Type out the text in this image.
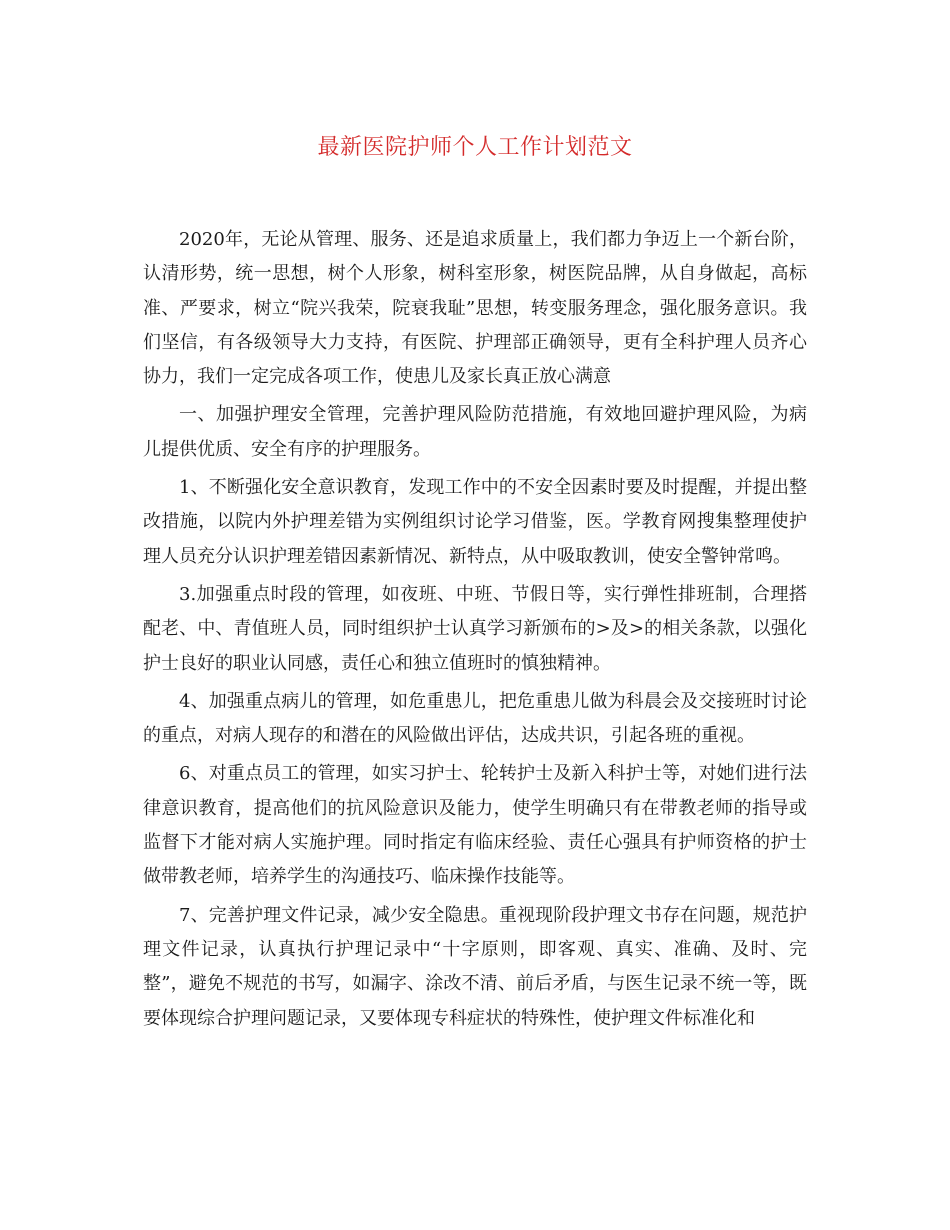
最新医院护师个人工作计划范文

2020年，无论从管理、服务、还是追求质量上，我们都力争迈上一个新台阶，认清形势，统一思想，树个人形象，树科室形象，树医院品牌，从自身做起，高标准、严要求，树立“院兴我荣，院衰我耻”思想，转变服务理念，强化服务意识。我们坚信，有各级领导大力支持，有医院、护理部正确领导，更有全科护理人员齐心协力，我们一定完成各项工作，使患儿及家长真正放心满意

一、加强护理安全管理，完善护理风险防范措施，有效地回避护理风险，为病儿提供优质、安全有序的护理服务。

1、不断强化安全意识教育，发现工作中的不安全因素时要及时提醒，并提出整改措施，以院内外护理差错为实例组织讨论学习借鉴，医。学教育网搜集整理使护理人员充分认识护理差错因素新情况、新特点，从中吸取教训，使安全警钟常鸣。

3.加强重点时段的管理，如夜班、中班、节假日等，实行弹性排班制，合理搭配老、中、青值班人员，同时组织护士认真学习新颁布的>及>的相关条款，以强化护士良好的职业认同感，责任心和独立值班时的慎独精神。

4、加强重点病儿的管理，如危重患儿，把危重患儿做为科晨会及交接班时讨论的重点，对病人现存的和潜在的风险做出评估，达成共识，引起各班的重视。

6、对重点员工的管理，如实习护士、轮转护士及新入科护士等，对她们进行法律意识教育，提高他们的抗风险意识及能力，使学生明确只有在带教老师的指导或监督下才能对病人实施护理。同时指定有临床经验、责任心强具有护师资格的护士做带教老师，培养学生的沟通技巧、临床操作技能等。

7、完善护理文件记录，减少安全隐患。重视现阶段护理文书存在问题，规范护理文件记录，认真执行护理记录中“十字原则，即客观、真实、准确、及时、完整”，避免不规范的书写，如漏字、涂改不清、前后矛盾，与医生记录不统一等，既要体现综合护理问题记录，又要体现专科症状的特殊性，使护理文件标准化和
